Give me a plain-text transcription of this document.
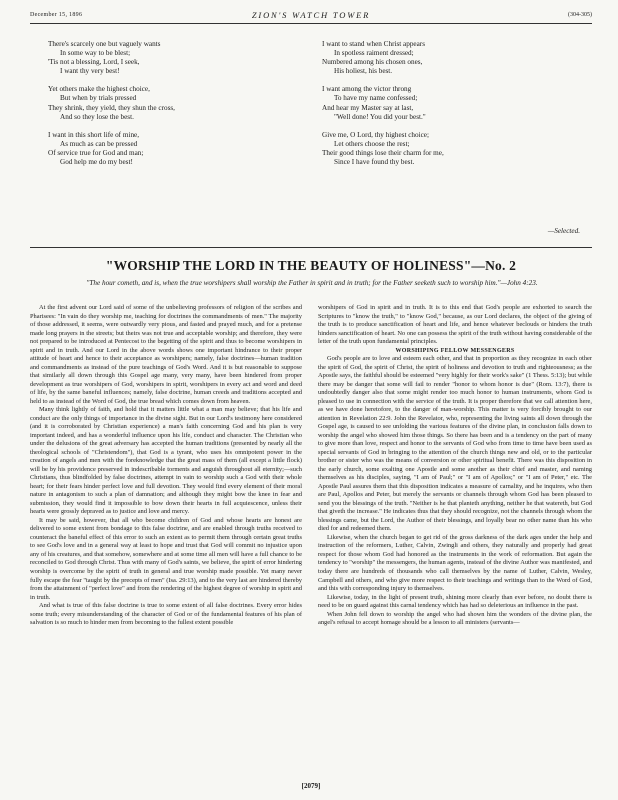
December 15, 1896	ZION'S WATCH TOWER	(304-305)
There's scarcely one but vaguely wants
In some way to be blest;
'Tis not a blessing, Lord, I seek,
I want thy very best!
Yet others make the highest choice,
But when by trials pressed
They shrink, they yield, they shun the cross,
And so they lose the best.
I want in this short life of mine,
As much as can be pressed
Of service true for God and man;
God help me do my best!
I want to stand when Christ appears
In spotless raiment dressed;
Numbered among his chosen ones,
His holiest, his best.
I want among the victor throng
To have my name confessed;
And hear my Master say at last,
"Well done! You did your best."
Give me, O Lord, thy highest choice;
Let others choose the rest;
Their good things lose their charm for me,
Since I have found thy best.
—Selected.
"WORSHIP THE LORD IN THE BEAUTY OF HOLINESS"—No. 2
"The hour cometh, and is, when the true worshipers shall worship the Father in spirit and in truth; for the Father seeketh such to worship him."—John 4:23.

At the first advent our Lord said of some of the unbelieving professors of religion of the scribes and Pharisees: "In vain do they worship me, teaching for doctrines the commandments of men." The majority of those addressed, it seems, were outwardly very pious, and fasted and prayed much, and for a pretense made long prayers in the streets; but theirs was not true and acceptable worship; and therefore, they were not prepared to be introduced at Pentecost to the begetting of the spirit and thus to become worshipers in spirit and in truth. And our Lord in the above words shows one important hindrance to their proper attitude of heart and hence to their acceptance as worshipers; namely, false doctrines—human tradition and commandments as instead of the pure teachings of God's Word. And it is but reasonable to suppose that similarly all down through this Gospel age many, very many, have been hindered from proper development as true worshipers of God, worshipers in spirit, worshipers in every act and word and deed of life, by the same baneful influences; namely, false doctrine, human creeds and traditions accepted and held to as instead of the Word of God, the true bread which comes down from heaven.

Many think lightly of faith, and hold that it matters little what a man may believe; that his life and conduct are the only things of importance in the divine sight. But in our Lord's testimony here considered (and it is corroborated by Christian experience) a man's faith concerning God and his plan is very important indeed, and has a wonderful influence upon his life, conduct and character. The Christian who under the delusions of the great adversary has accepted the human traditions (presented by nearly all the theological schools of "Christendom"), that God is a tyrant, who uses his omnipotent power in the creation of angels and men with the foreknowledge that the great mass of them (all except a little flock) will be by his providence preserved in indescribable torments and anguish throughout all eternity;—such Christians, thus blindfolded by false doctrines, attempt in vain to worship such a God with their whole heart; for their fears hinder perfect love and full devotion. They would find every element of their moral nature in antagonism to such a plan of damnation; and although they might bow the knee in fear and submission, they would find it impossible to bow down their hearts in full acquiescence, unless their hearts were grossly depraved as to justice and love and mercy.

It may be said, however, that all who become children of God and whose hearts are honest are delivered to some extent from bondage to this false doctrine, and are enabled through truths received to counteract the baneful effect of this error to such an extent as to permit them through certain great truths to see God's love and in a general way at least to hope and trust that God will commit no injustice upon any of his creatures, and that somehow, somewhere and at some time all men will have a full chance to be reconciled to God through Christ. Thus with many of God's saints, we believe, the spirit of error hindering worship is overcome by the spirit of truth in general and true worship made possible. Yet many never fully escape the fear "taught by the precepts of men" (Isa. 29:13), and to the very last are hindered thereby from the attainment of "perfect love" and from the rendering of the highest degree of worship in spirit and in truth.

And what is true of this false doctrine is true to some extent of all false doctrines. Every error hides some truth; every misunderstanding of the character of God or of the fundamental features of his plan of salvation is so much to hinder men from becoming to the fullest extent possible

worshipers of God in spirit and in truth. It is to this end that God's people are exhorted to search the Scriptures to "know the truth," to "know God," because, as our Lord declares, the object of the giving of the truth is to produce sanctification of heart and life, and hence whatever beclouds or hinders the truth hinders sanctification of heart. No one can possess the spirit of the truth without having considerable of the letter of the truth upon fundamental principles.

WORSHIPING FELLOW MESSENGERS

God's people are to love and esteem each other, and that in proportion as they recognize in each other the spirit of God, the spirit of Christ, the spirit of holiness and devotion to truth and righteousness; as the Apostle says, the faithful should be esteemed "very highly for their work's sake" (1 Thess. 5:13); but while there may be danger that some will fail to render "honor to whom honor is due" (Rom. 13:7), there is undoubtedly danger also that some might render too much honor to human instruments, whom God is pleased to use in connection with the service of the truth. It is proper therefore that we call attention here, as we have done heretofore, to the danger of man-worship. This matter is very forcibly brought to our attention in Revelation 22:9. John the Revelator, who, representing the living saints all down through the Gospel age, is caused to see unfolding the various features of the divine plan, in conclusion falls down to worship the angel who showed him those things. So there has been and is a tendency on the part of many to give more than love, respect and honor to the servants of God who from time to time have been used as special servants of God in bringing to the attention of the church things new and old, or to the particular brother or sister who was the means of conversion or other spiritual benefit. There was this disposition in the early church, some exalting one Apostle and some another as their chief and master, and naming themselves as his disciples, saying, "I am of Paul;" or "I am of Apollos;" or "I am of Peter," etc. The Apostle Paul assures them that this disposition indicates a measure of carnality, and he inquires, who then are Paul, Apollos and Peter, but merely the servants or channels through whom God has been pleased to send you the blessings of the truth. "Neither is he that planteth anything, neither he that watereth, but God that giveth the increase." He indicates thus that they should recognize, not the channels through whom the blessings came, but the Lord, the Author of their blessings, and loyally bear no other name than his who died for and redeemed them.

Likewise, when the church began to get rid of the gross darkness of the dark ages under the help and instruction of the reformers, Luther, Calvin, Zwingli and others, they naturally and properly had great respect for those whom God had honored as the instruments in the work of reformation. But again the tendency to "worship" the messengers, the human agents, instead of the divine Author was manifested, and today there are hundreds of thousands who call themselves by the name of Luther, Calvin, Wesley, Campbell and others, and who give more respect to their teachings and writings than to the Word of God, and this with corresponding injury to themselves.

Likewise, today, in the light of present truth, shining more clearly than ever before, no doubt there is need to be on guard against this carnal tendency which has had so deleterious an influence in the past.

When John fell down to worship the angel who had shown him the wonders of the divine plan, the angel's refusal to accept homage should be a lesson to all ministers (servants—

[2079]
